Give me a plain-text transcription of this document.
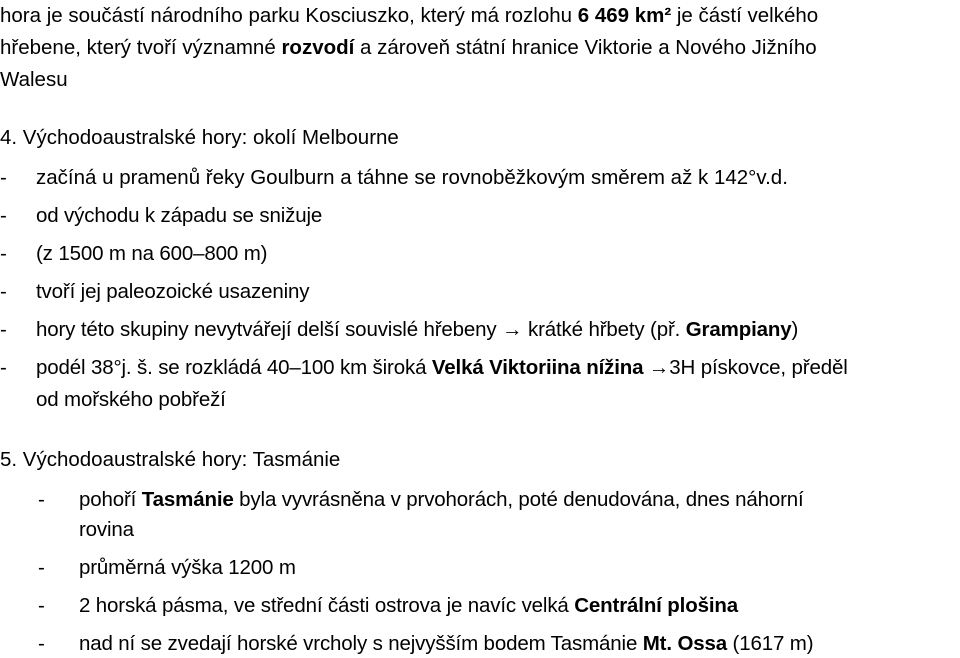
hora je součástí národního parku Kosciuszko, který má rozlohu 6 469 km² je částí velkého
hřebene, který tvoří významné rozvodí a zároveň státní hranice Viktorie a Nového Jižního
Walesu
4. Východoaustralské hory: okolí Melbourne
- začíná u pramenů řeky Goulburn a táhne se rovnoběžkovým směrem až k 142°v.d.
- od východu k západu se snižuje
- (z 1500 m na 600–800 m)
- tvoří jej paleozoické usazeniny
- hory této skupiny nevytvářejí delší souvislé hřebeny → krátké hřbety (př. Grampiany)
- podél 38°j. š. se rozkládá 40–100 km široká Velká Viktoriina nížina →3H pískovce, předěl
od mořského pobřeží
5. Východoaustralské hory: Tasmánie
- pohoří Tasmánie byla vyvrásněna v prvohorách, poté denudována, dnes náhorní
rovina
- průměrná výška 1200 m
- 2 horská pásma, ve střední části ostrova je navíc velká Centrální plošina
- nad ní se zvedají horské vrcholy s nejvyšším bodem Tasmánie Mt. Ossa (1617 m)
